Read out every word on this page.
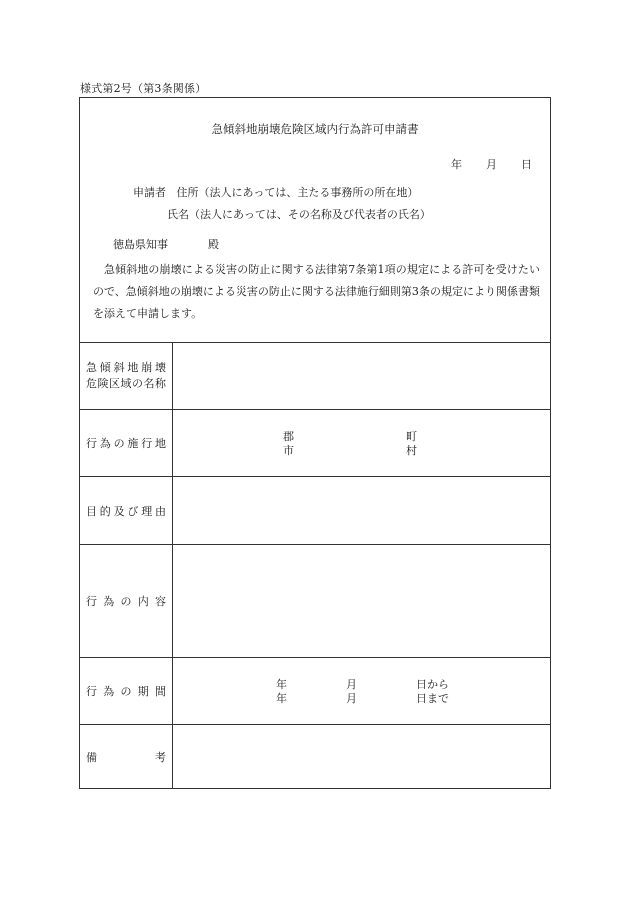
様式第2号（第3条関係）
急傾斜地崩壊危険区域内行為許可申請書
年 月 日
申請者 住所（法人にあっては、主たる事務所の所在地）
氏名（法人にあっては、その名称及び代表者の氏名）
徳島県知事	殿
急傾斜地の崩壊による災害の防止に関する法律第7条第1項の規定による許可を受けたいので、急傾斜地の崩壊による災害の防止に関する法律施行細則第3条の規定により関係書類を添えて申請します。
急 傾 斜 地 崩 壊
危 険 区 域 の 名 称
行 為 の 施 行 地
郡
市
町
村
目 的 及 び 理 由
行 為 の 内 容
行 為 の 期 間
年
年
月
月
日から
日まで
備	考
